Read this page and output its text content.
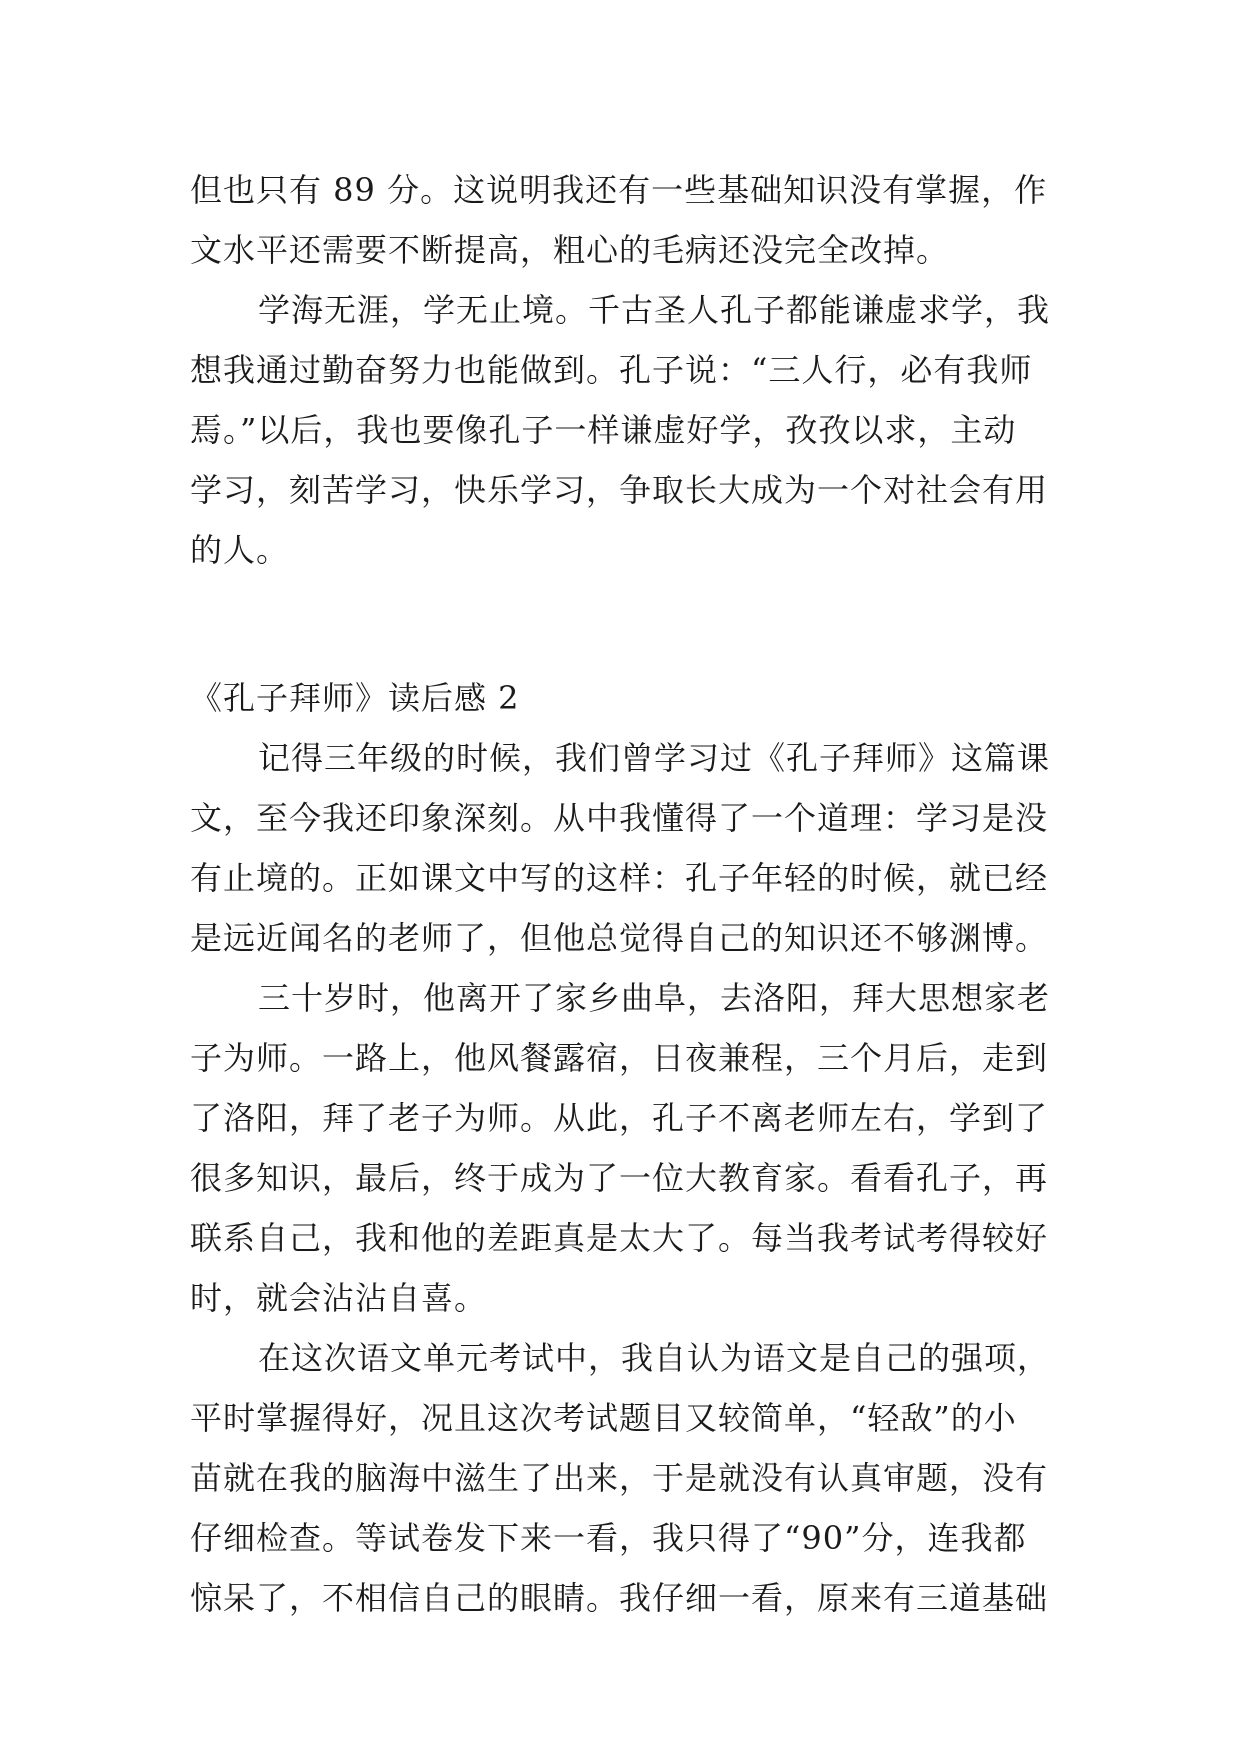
但也只有 89 分。这说明我还有一些基础知识没有掌握，作
文水平还需要不断提高，粗心的毛病还没完全改掉。
学海无涯，学无止境。千古圣人孔子都能谦虚求学，我
想我通过勤奋努力也能做到。孔子说：“三人行，必有我师
焉。”以后，我也要像孔子一样谦虚好学，孜孜以求，主动
学习，刻苦学习，快乐学习，争取长大成为一个对社会有用
的人。
《孔子拜师》读后感 2
记得三年级的时候，我们曾学习过《孔子拜师》这篇课
文，至今我还印象深刻。从中我懂得了一个道理：学习是没
有止境的。正如课文中写的这样：孔子年轻的时候，就已经
是远近闻名的老师了，但他总觉得自己的知识还不够渊博。
三十岁时，他离开了家乡曲阜，去洛阳，拜大思想家老
子为师。一路上，他风餐露宿，日夜兼程，三个月后，走到
了洛阳，拜了老子为师。从此，孔子不离老师左右，学到了
很多知识，最后，终于成为了一位大教育家。看看孔子，再
联系自己，我和他的差距真是太大了。每当我考试考得较好
时，就会沾沾自喜。
在这次语文单元考试中，我自认为语文是自己的强项，
平时掌握得好，况且这次考试题目又较简单，“轻敌”的小
苗就在我的脑海中滋生了出来，于是就没有认真审题，没有
仔细检查。等试卷发下来一看，我只得了“90”分，连我都
惊呆了，不相信自己的眼睛。我仔细一看，原来有三道基础
